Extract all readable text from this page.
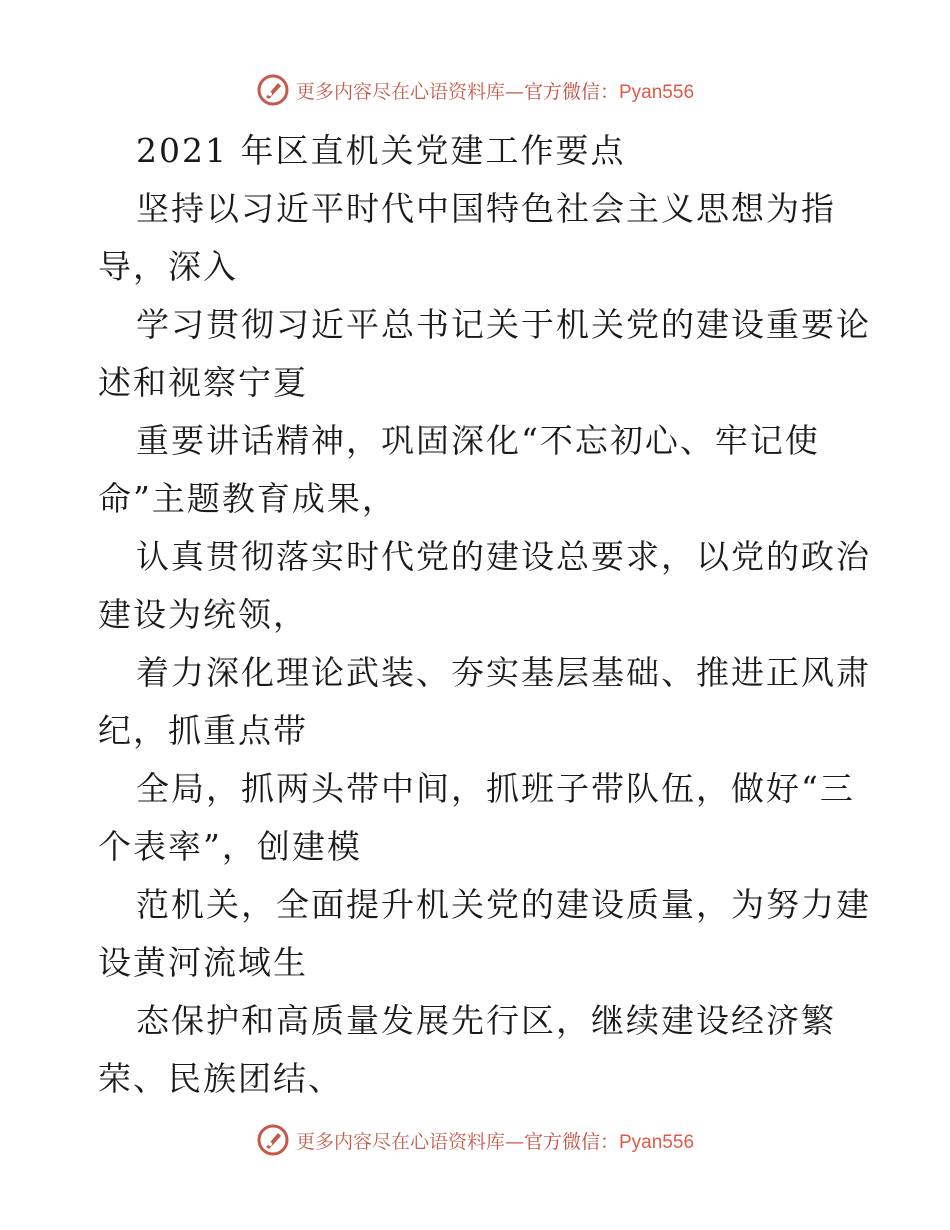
更多内容尽在心语资料库—官方微信：Pyan556
2021 年区直机关党建工作要点
坚持以习近平时代中国特色社会主义思想为指
导，深入
学习贯彻习近平总书记关于机关党的建设重要论
述和视察宁夏
重要讲话精神，巩固深化“不忘初心、牢记使
命”主题教育成果，
认真贯彻落实时代党的建设总要求，以党的政治
建设为统领，
着力深化理论武装、夯实基层基础、推进正风肃
纪，抓重点带
全局，抓两头带中间，抓班子带队伍，做好“三
个表率”，创建模
范机关，全面提升机关党的建设质量，为努力建
设黄河流域生
态保护和高质量发展先行区，继续建设经济繁
荣、民族团结、
更多内容尽在心语资料库—官方微信：Pyan556
